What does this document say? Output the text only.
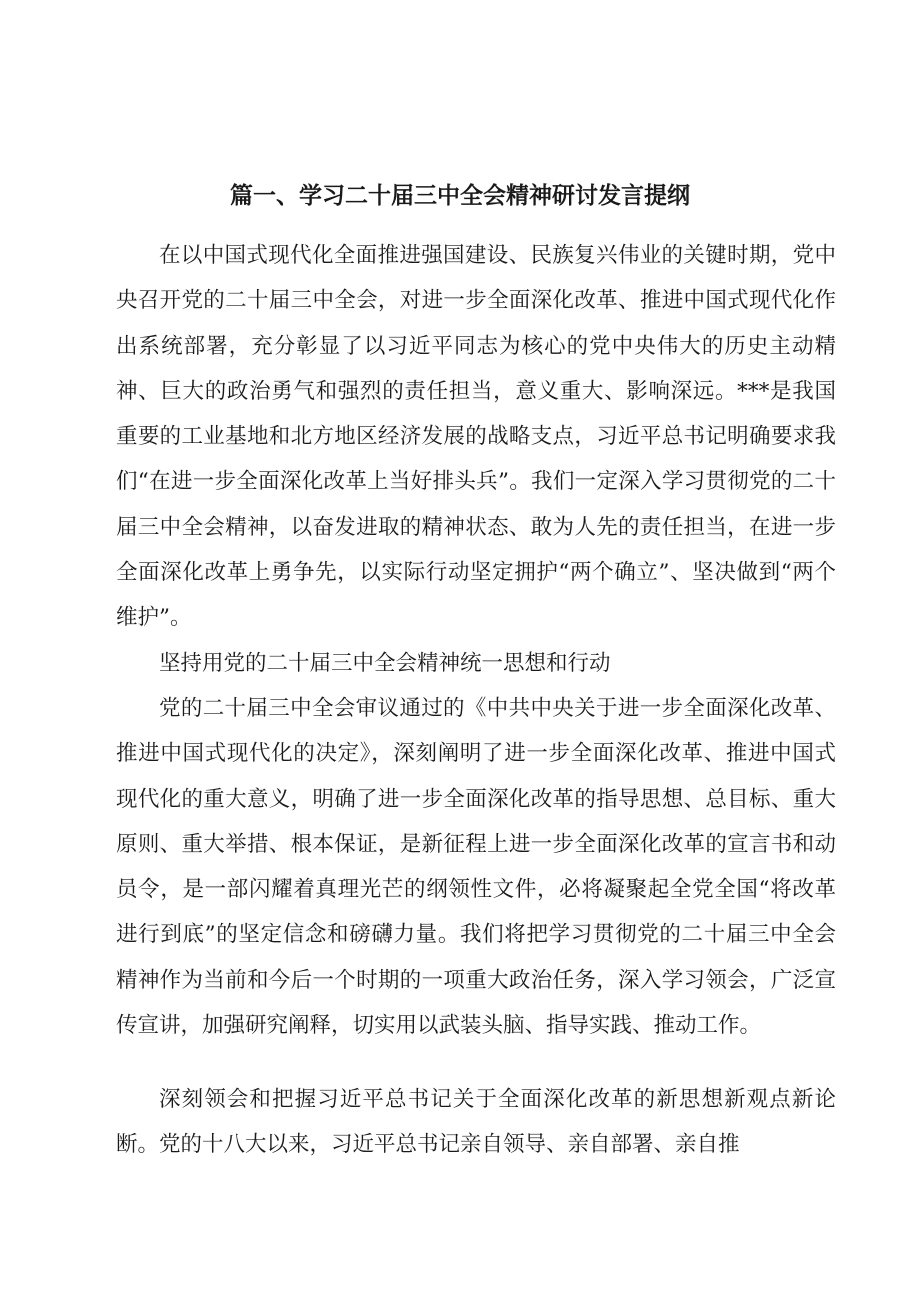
篇一、学习二十届三中全会精神研讨发言提纲

在以中国式现代化全面推进强国建设、民族复兴伟业的关键时期，党中央召开党的二十届三中全会，对进一步全面深化改革、推进中国式现代化作出系统部署，充分彰显了以习近平同志为核心的党中央伟大的历史主动精神、巨大的政治勇气和强烈的责任担当，意义重大、影响深远。***是我国重要的工业基地和北方地区经济发展的战略支点，习近平总书记明确要求我们“在进一步全面深化改革上当好排头兵”。我们一定深入学习贯彻党的二十届三中全会精神，以奋发进取的精神状态、敢为人先的责任担当，在进一步全面深化改革上勇争先，以实际行动坚定拥护“两个确立”、坚决做到“两个维护”。

坚持用党的二十届三中全会精神统一思想和行动

党的二十届三中全会审议通过的《中共中央关于进一步全面深化改革、推进中国式现代化的决定》，深刻阐明了进一步全面深化改革、推进中国式现代化的重大意义，明确了进一步全面深化改革的指导思想、总目标、重大原则、重大举措、根本保证，是新征程上进一步全面深化改革的宣言书和动员令，是一部闪耀着真理光芒的纲领性文件，必将凝聚起全党全国“将改革进行到底”的坚定信念和磅礴力量。我们将把学习贯彻党的二十届三中全会精神作为当前和今后一个时期的一项重大政治任务，深入学习领会，广泛宣传宣讲，加强研究阐释，切实用以武装头脑、指导实践、推动工作。

深刻领会和把握习近平总书记关于全面深化改革的新思想新观点新论断。党的十八大以来，习近平总书记亲自领导、亲自部署、亲自推
